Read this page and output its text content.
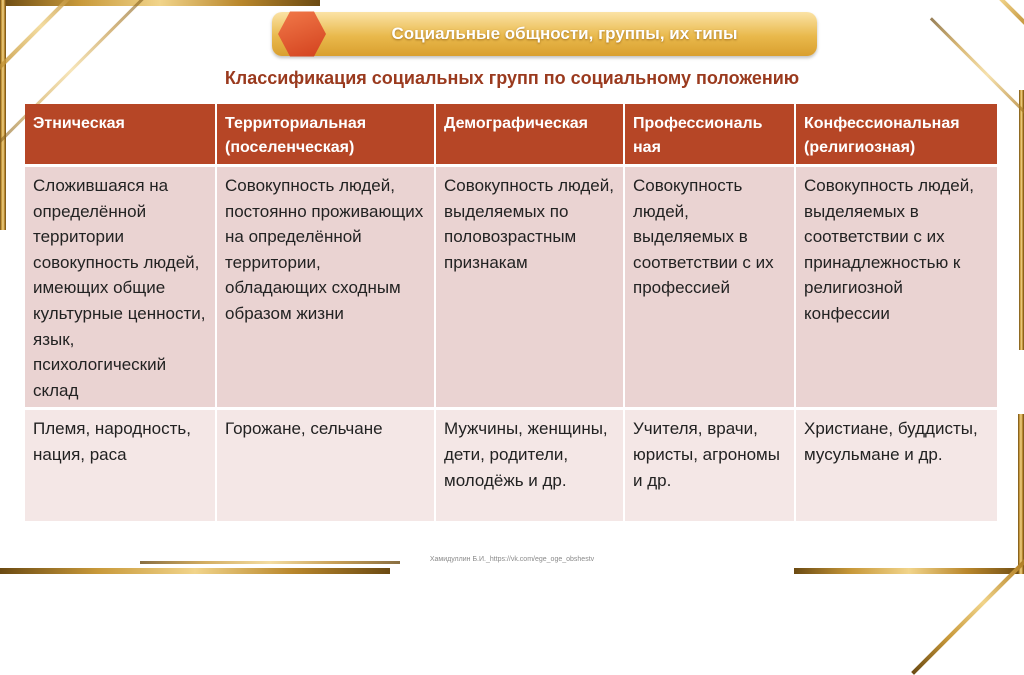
Социальные общности, группы, их типы
Классификация социальных групп по социальному положению
Этническая	Территориальная (поселенческая)	Демографическая	Профессиональ ная	Конфессиональная (религиозная)
Сложившаяся на определённой территории совокупность людей, имеющих общие культурные ценности, язык, психологический склад	Совокупность людей, постоянно проживающих на определённой территории, обладающих сходным образом жизни	Совокупность людей, выделяемых по половозрастным признакам	Совокупность людей, выделяемых в соответствии с их профессией	Совокупность людей, выделяемых в соответствии с их принадлежностью к религиозной конфессии
Племя, народность, нация, раса	Горожане, сельчане	Мужчины, женщины, дети, родители, молодёжь и др.	Учителя, врачи, юристы, агрономы и др.	Христиане, буддисты, мусульмане и др.
Хамидуллин Б.И._https://vk.com/ege_oge_obshestv
